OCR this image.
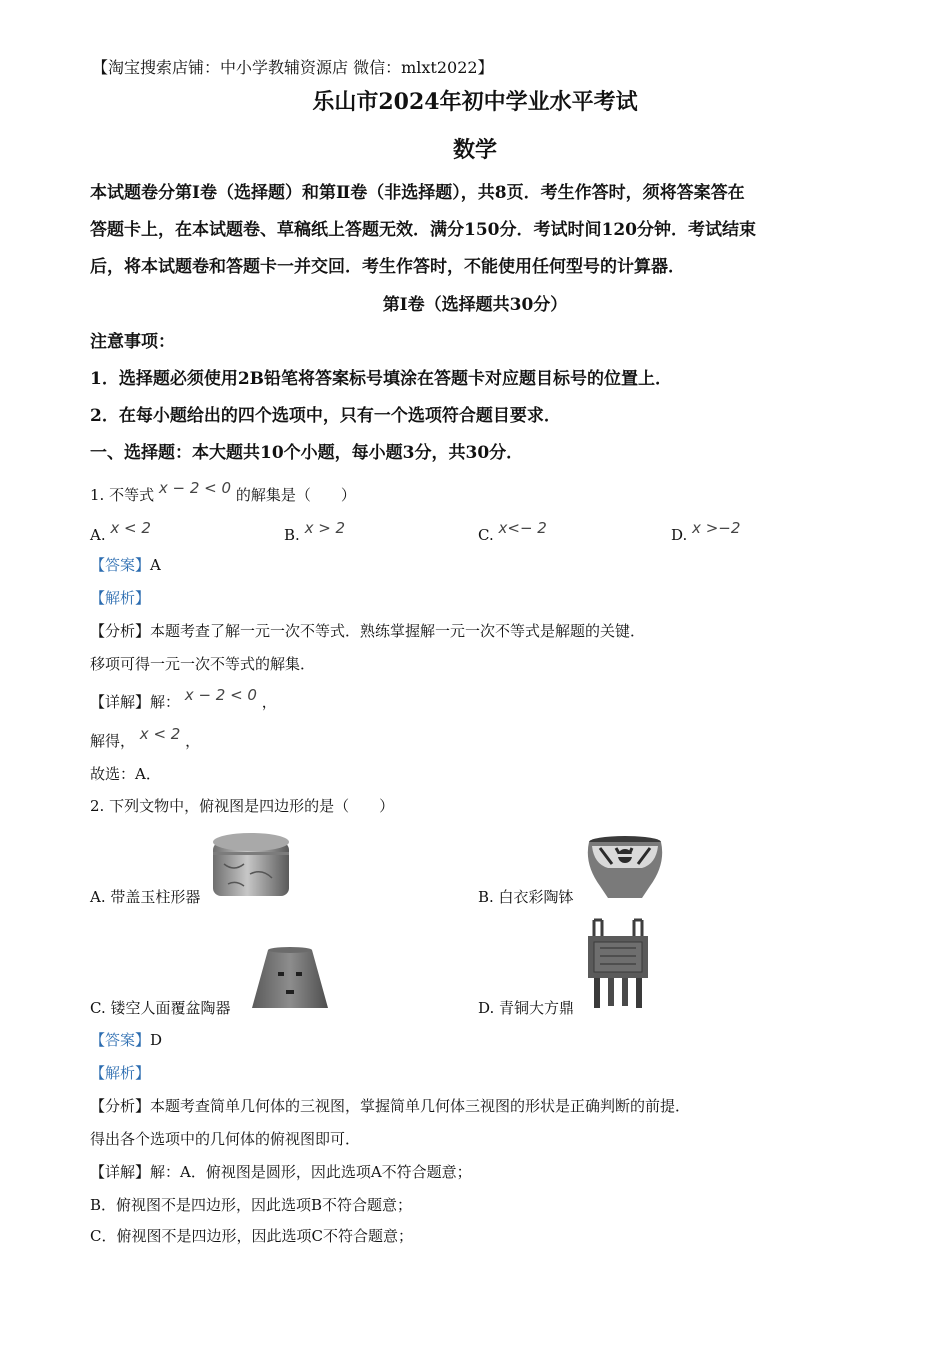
【淘宝搜索店铺：中小学教辅资源店 微信：mlxt2022】
乐山市2024年初中学业水平考试
数学
本试题卷分第Ⅰ卷（选择题）和第Ⅱ卷（非选择题），共8页．考生作答时，须将答案答在
答题卡上，在本试题卷、草稿纸上答题无效．满分150分．考试时间120分钟．考试结束
后，将本试题卷和答题卡一并交回．考生作答时，不能使用任何型号的计算器．
第Ⅰ卷（选择题共30分）
注意事项：
1．选择题必须使用2B铅笔将答案标号填涂在答题卡对应题目标号的位置上．
2．在每小题给出的四个选项中，只有一个选项符合题目要求．
一、选择题：本大题共10个小题，每小题3分，共30分．
1. 不等式 x − 2 < 0 的解集是（　　）
A. x < 2	B. x > 2	C. x<− 2	D. x >−2
【答案】A
【解析】
【分析】本题考查了解一元一次不等式．熟练掌握解一元一次不等式是解题的关键．
移项可得一元一次不等式的解集．
【详解】解： x − 2 < 0 ，
解得， x < 2 ，
故选：A．
2. 下列文物中，俯视图是四边形的是（　　）
A. 带盖玉柱形器	B. 白衣彩陶钵
C. 镂空人面覆盆陶器	D. 青铜大方鼎
【答案】D
【解析】
【分析】本题考查简单几何体的三视图，掌握简单几何体三视图的形状是正确判断的前提．
得出各个选项中的几何体的俯视图即可．
【详解】解：A．俯视图是圆形，因此选项A不符合题意；
B．俯视图不是四边形，因此选项B不符合题意；
C．俯视图不是四边形，因此选项C不符合题意；
